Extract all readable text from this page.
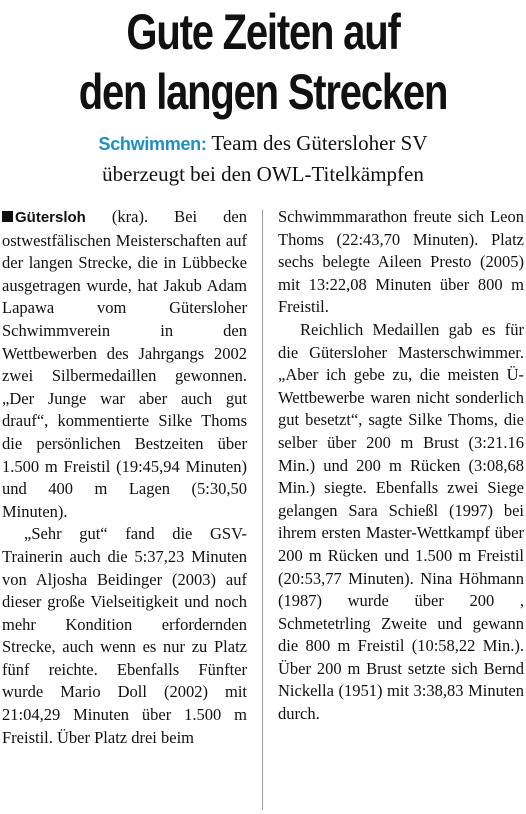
Gute Zeiten auf
den langen Strecken
Schwimmen: Team des Gütersloher SV
überzeugt bei den OWL-Titelkämpfen

Gütersloh (kra). Bei den ostwestfälischen Meisterschaften auf der langen Strecke, die in Lübbecke ausgetragen wurde, hat Jakub Adam Lapawa vom Gütersloher Schwimmverein in den Wettbewerben des Jahrgangs 2002 zwei Silbermedaillen gewonnen. „Der Junge war aber auch gut drauf“, kommentierte Silke Thoms die persönlichen Bestzeiten über 1.500 m Freistil (19:45,94 Minuten) und 400 m Lagen (5:30,50 Minuten).

„Sehr gut“ fand die GSV-Trainerin auch die 5:37,23 Minuten von Aljosha Beidinger (2003) auf dieser große Vielseitigkeit und noch mehr Kondition erfordernden Strecke, auch wenn es nur zu Platz fünf reichte. Ebenfalls Fünfter wurde Mario Doll (2002) mit 21:04,29 Minuten über 1.500 m Freistil. Über Platz drei beim

Schwimmmarathon freute sich Leon Thoms (22:43,70 Minuten). Platz sechs belegte Aileen Presto (2005) mit 13:22,08 Minuten über 800 m Freistil.

Reichlich Medaillen gab es für die Gütersloher Masterschwimmer. „Aber ich gebe zu, die meisten Ü-Wettbewerbe waren nicht sonderlich gut besetzt“, sagte Silke Thoms, die selber über 200 m Brust (3:21.16 Min.) und 200 m Rücken (3:08,68 Min.) siegte. Ebenfalls zwei Siege gelangen Sara Schießl (1997) bei ihrem ersten Master-Wettkampf über 200 m Rücken und 1.500 m Freistil (20:53,77 Minuten). Nina Höhmann (1987) wurde über 200 , Schmetetrling Zweite und gewann die 800 m Freistil (10:58,22 Min.). Über 200 m Brust setzte sich Bernd Nickella (1951) mit 3:38,83 Minuten durch.
